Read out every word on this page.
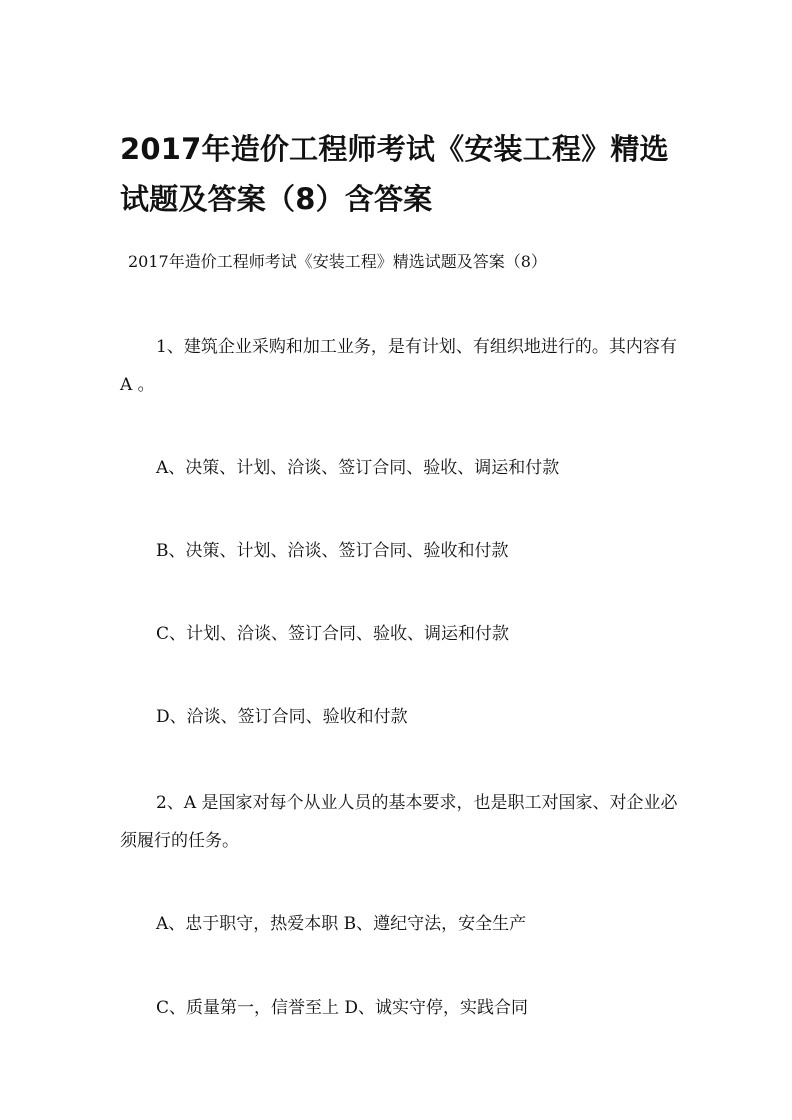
2017年造价工程师考试《安装工程》精选试题及答案（8）含答案

2017年造价工程师考试《安装工程》精选试题及答案（8）

1、建筑企业采购和加工业务，是有计划、有组织地进行的。其内容有 A 。

A、决策、计划、洽谈、签订合同、验收、调运和付款

B、决策、计划、洽谈、签订合同、验收和付款

C、计划、洽谈、签订合同、验收、调运和付款

D、洽谈、签订合同、验收和付款

2、A 是国家对每个从业人员的基本要求，也是职工对国家、对企业必须履行的任务。

A、忠于职守，热爱本职 B、遵纪守法，安全生产

C、质量第一，信誉至上 D、诚实守停，实践合同
